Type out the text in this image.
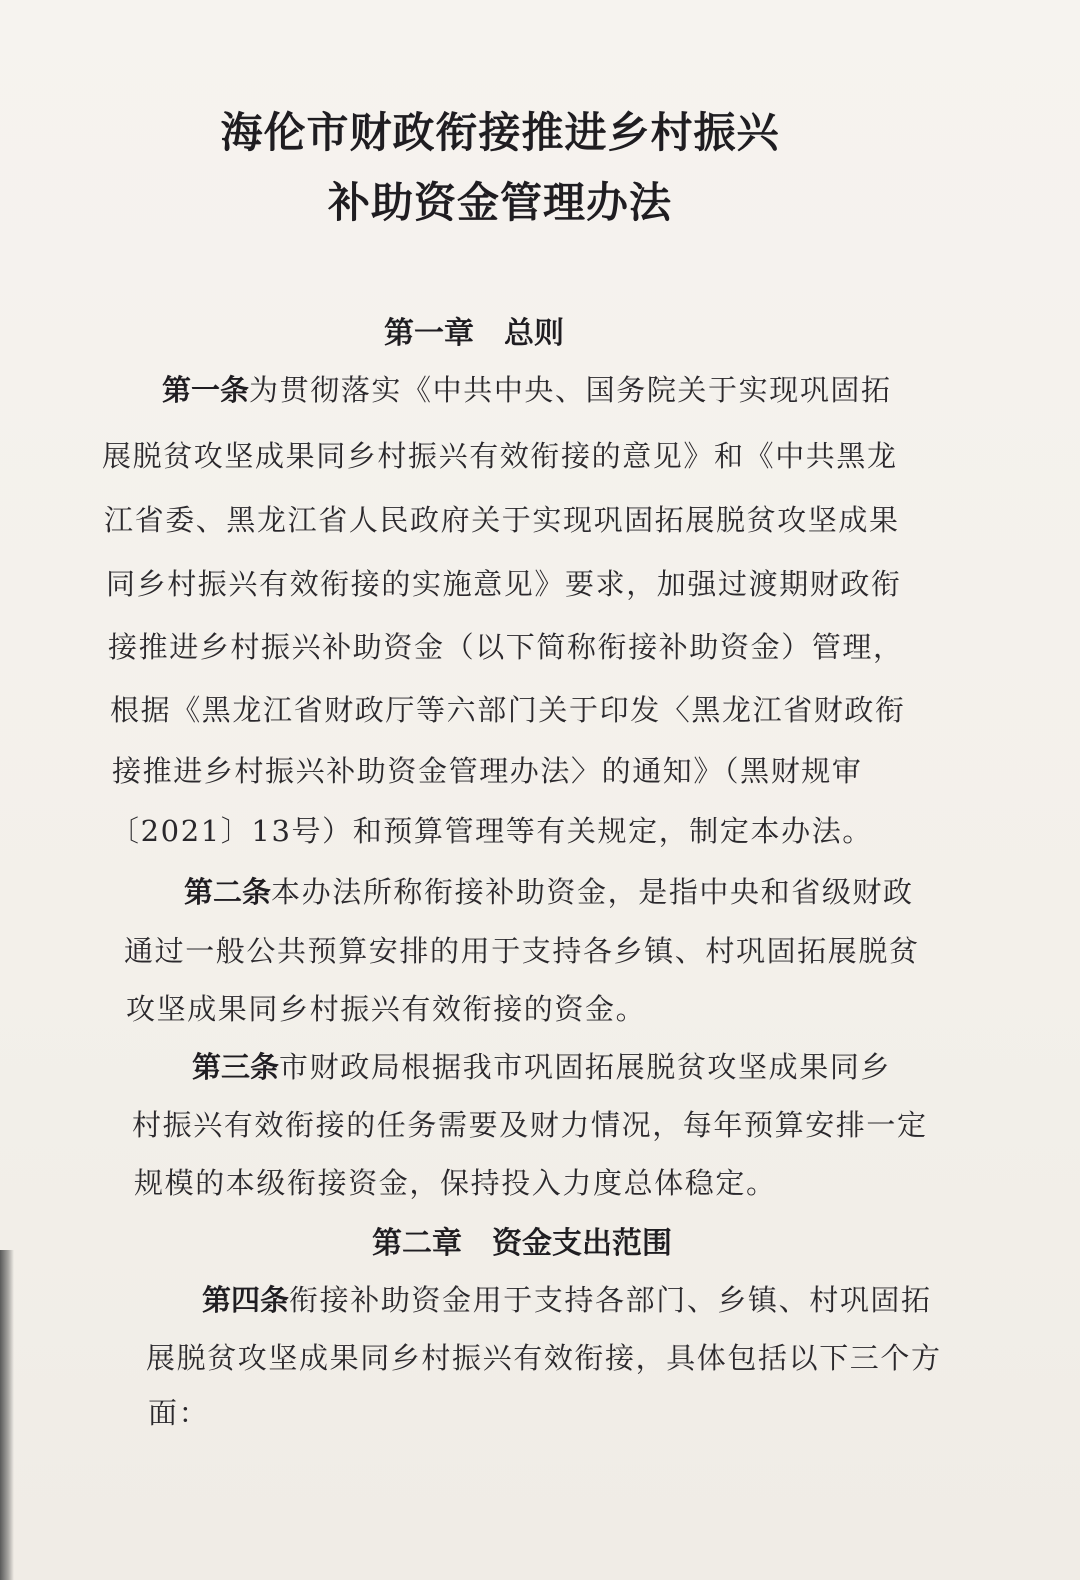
海伦市财政衔接推进乡村振兴
补助资金管理办法
第一章　总则
第一条为贯彻落实《中共中央、国务院关于实现巩固拓
展脱贫攻坚成果同乡村振兴有效衔接的意见》和《中共黑龙
江省委、黑龙江省人民政府关于实现巩固拓展脱贫攻坚成果
同乡村振兴有效衔接的实施意见》要求，加强过渡期财政衔
接推进乡村振兴补助资金（以下简称衔接补助资金）管理，
根据《黑龙江省财政厅等六部门关于印发〈黑龙江省财政衔
接推进乡村振兴补助资金管理办法〉的通知》（黑财规审
〔2021〕13号）和预算管理等有关规定，制定本办法。
第二条本办法所称衔接补助资金，是指中央和省级财政
通过一般公共预算安排的用于支持各乡镇、村巩固拓展脱贫
攻坚成果同乡村振兴有效衔接的资金。
第三条市财政局根据我市巩固拓展脱贫攻坚成果同乡
村振兴有效衔接的任务需要及财力情况，每年预算安排一定
规模的本级衔接资金，保持投入力度总体稳定。
第二章　资金支出范围
第四条衔接补助资金用于支持各部门、乡镇、村巩固拓
展脱贫攻坚成果同乡村振兴有效衔接，具体包括以下三个方
面：
